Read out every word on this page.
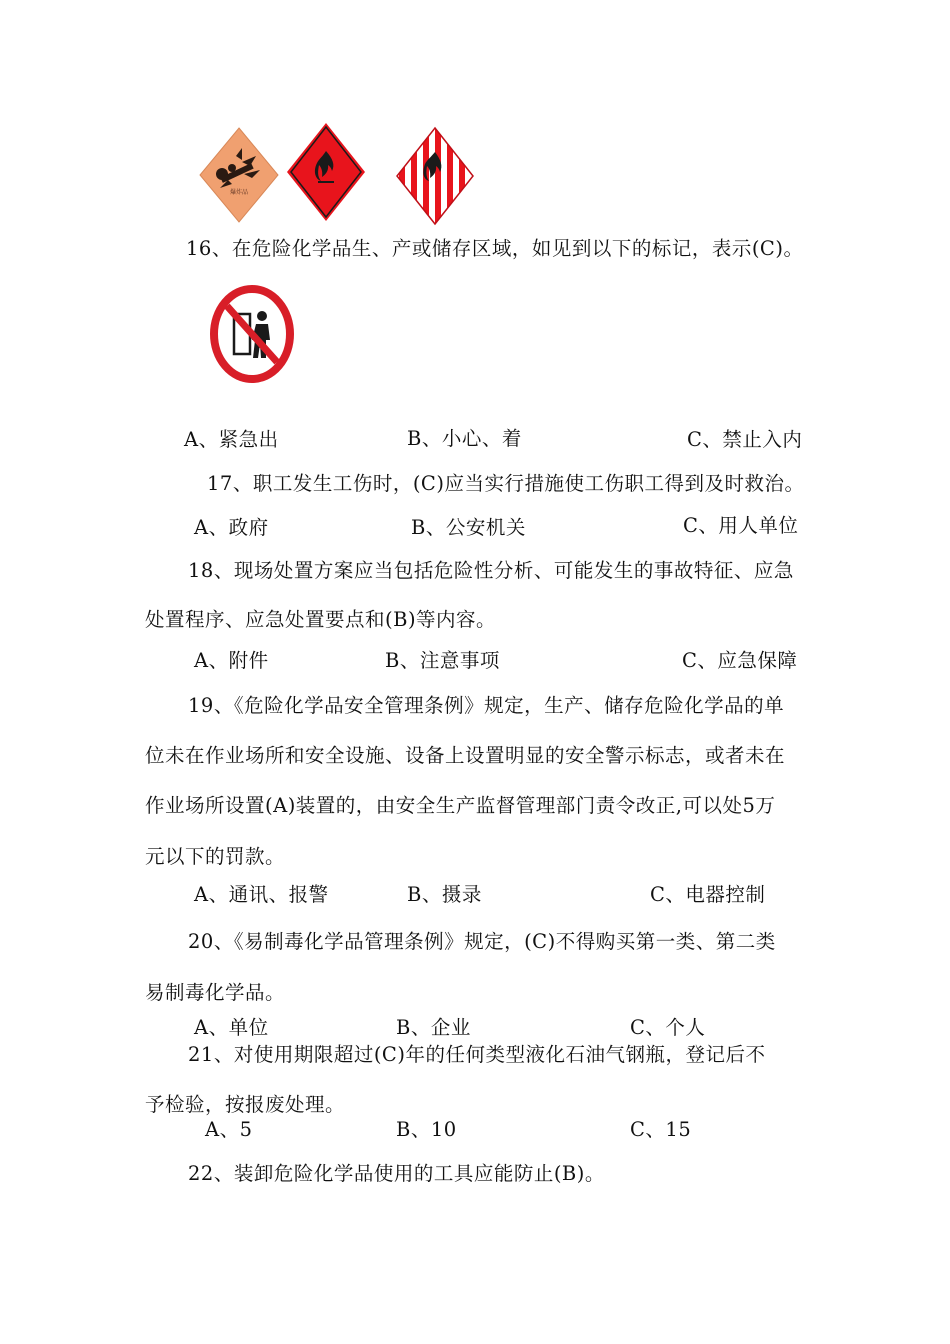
爆炸品
16、在危险化学品生、产或储存区域，如见到以下的标记，表示(C)。
A、紧急出	B、小心、着	C、禁止入内
17、职工发生工伤时，(C)应当实行措施使工伤职工得到及时救治。
A、政府	B、公安机关	C、用人单位
18、现场处置方案应当包括危险性分析、可能发生的事故特征、应急
处置程序、应急处置要点和(B)等内容。
A、附件	B、注意事项	C、应急保障
19、《危险化学品安全管理条例》规定，生产、储存危险化学品的单
位未在作业场所和安全设施、设备上设置明显的安全警示标志，或者未在
作业场所设置(A)装置的，由安全生产监督管理部门责令改正,可以处5万
元以下的罚款。
A、通讯、报警	B、摄录	C、电器控制
20、《易制毒化学品管理条例》规定，(C)不得购买第一类、第二类
易制毒化学品。
A、单位	B、企业	C、个人
21、对使用期限超过(C)年的任何类型液化石油气钢瓶，登记后不
予检验，按报废处理。
A、5	B、10	C、15
22、装卸危险化学品使用的工具应能防止(B)。
